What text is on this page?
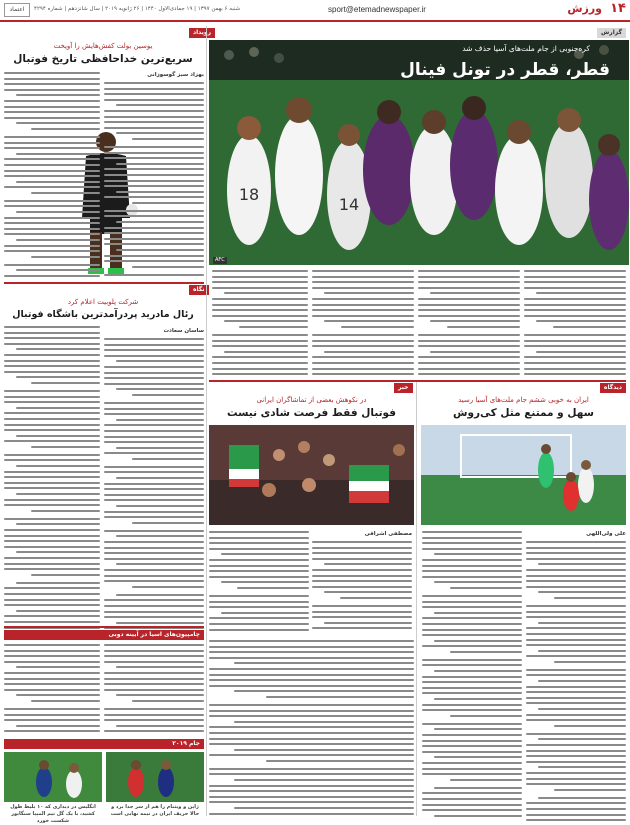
۱۴
ورزش
sport@etemadnewspaper.ir
شنبه ۶ بهمن ۱۳۹۷ | ۱۹ جمادی‌الاول ۱۴۴۰ | ۲۶ ژانویه ۲۰۱۹ | سال شانزدهم | شماره ۴۲۹۴
اعتماد
گزارش
18
14
کره‌جنوبی از جام ملت‌های آسیا حذف شد
قطر، قطر در تونل فینال
AFC
رویداد
یوسین بولت کفش‌هایش را آویخت
سریع‌ترین خداحافظی تاریخ فوتبال
بهزاد سبز گوسوزانی
نگاه
شرکت پلوبیت اعلام کرد
رئال مادرید پردرآمدترین باشگاه فوتبال
ساسان سعادت
خبر
در نکوهش بعضی از تماشاگران ایرانی
فوتبال فقط فرصت شادی نیست
مصطفی اشرافی
دیدگاه
ایران به خوبی ششم جام ملت‌های آسیا رسید
سهل و ممتنع مثل کی‌روش
علی ولی‌اللهی
چامپیون‌های اسیا در آیینه دوبی
جام ۲۰۱۹
انگلیس در دیداری که ۱۰ بلیط طول کشید، با یک گل تیم المپیا سنگاپور شکست خورد
ژاپن و ویتنام را هم از سر جدا برد و حالا حریف ایران در نیمه نهایی است
